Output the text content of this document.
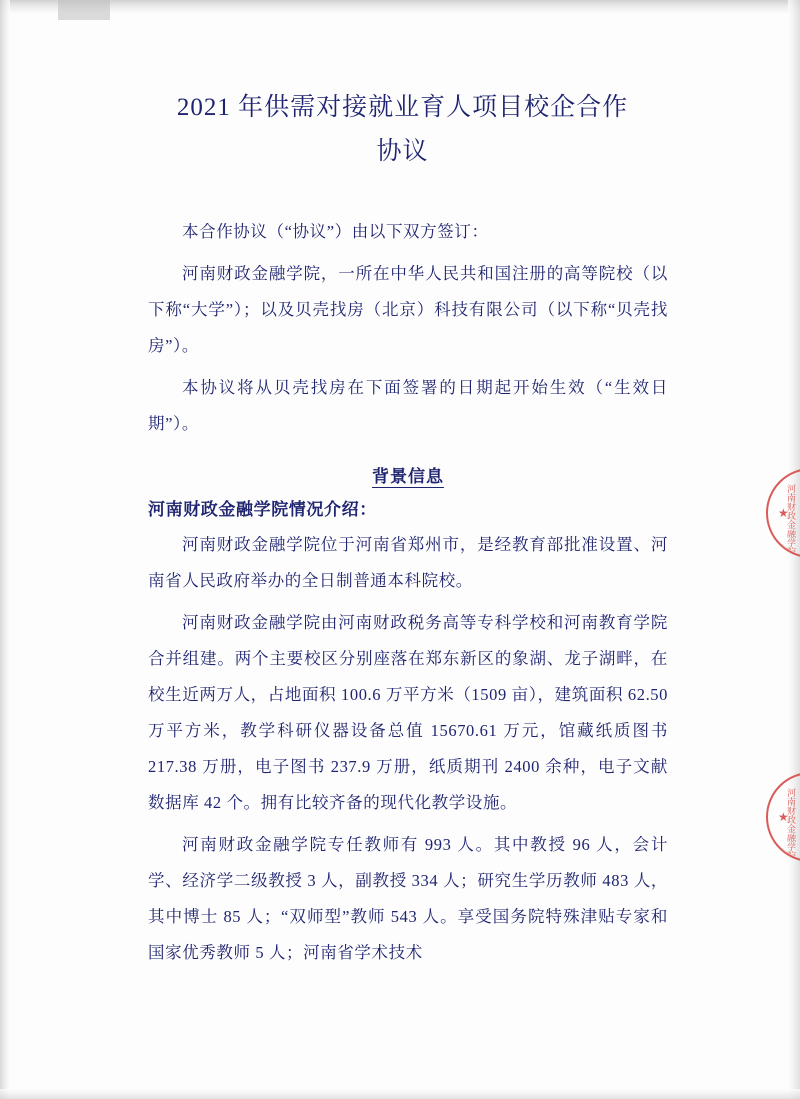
2021 年供需对接就业育人项目校企合作
协议

本合作协议（“协议”）由以下双方签订：

河南财政金融学院，一所在中华人民共和国注册的高等院校（以下称“大学”）；以及贝壳找房（北京）科技有限公司（以下称“贝壳找房”）。

本协议将从贝壳找房在下面签署的日期起开始生效（“生效日期”）。

背景信息

河南财政金融学院情况介绍：

河南财政金融学院位于河南省郑州市，是经教育部批准设置、河南省人民政府举办的全日制普通本科院校。

河南财政金融学院由河南财政税务高等专科学校和河南教育学院合并组建。两个主要校区分别座落在郑东新区的象湖、龙子湖畔，在校生近两万人，占地面积 100.6 万平方米（1509 亩），建筑面积 62.50 万平方米，教学科研仪器设备总值 15670.61 万元，馆藏纸质图书 217.38 万册，电子图书 237.9 万册，纸质期刊 2400 余种，电子文献数据库 42 个。拥有比较齐备的现代化教学设施。

河南财政金融学院专任教师有 993 人。其中教授 96 人，会计学、经济学二级教授 3 人，副教授 334 人；研究生学历教师 483 人，其中博士 85 人；“双师型”教师 543 人。享受国务院特殊津贴专家和国家优秀教师 5 人；河南省学术技术

河南财政金融学院
★
河南财政金融学院
★
